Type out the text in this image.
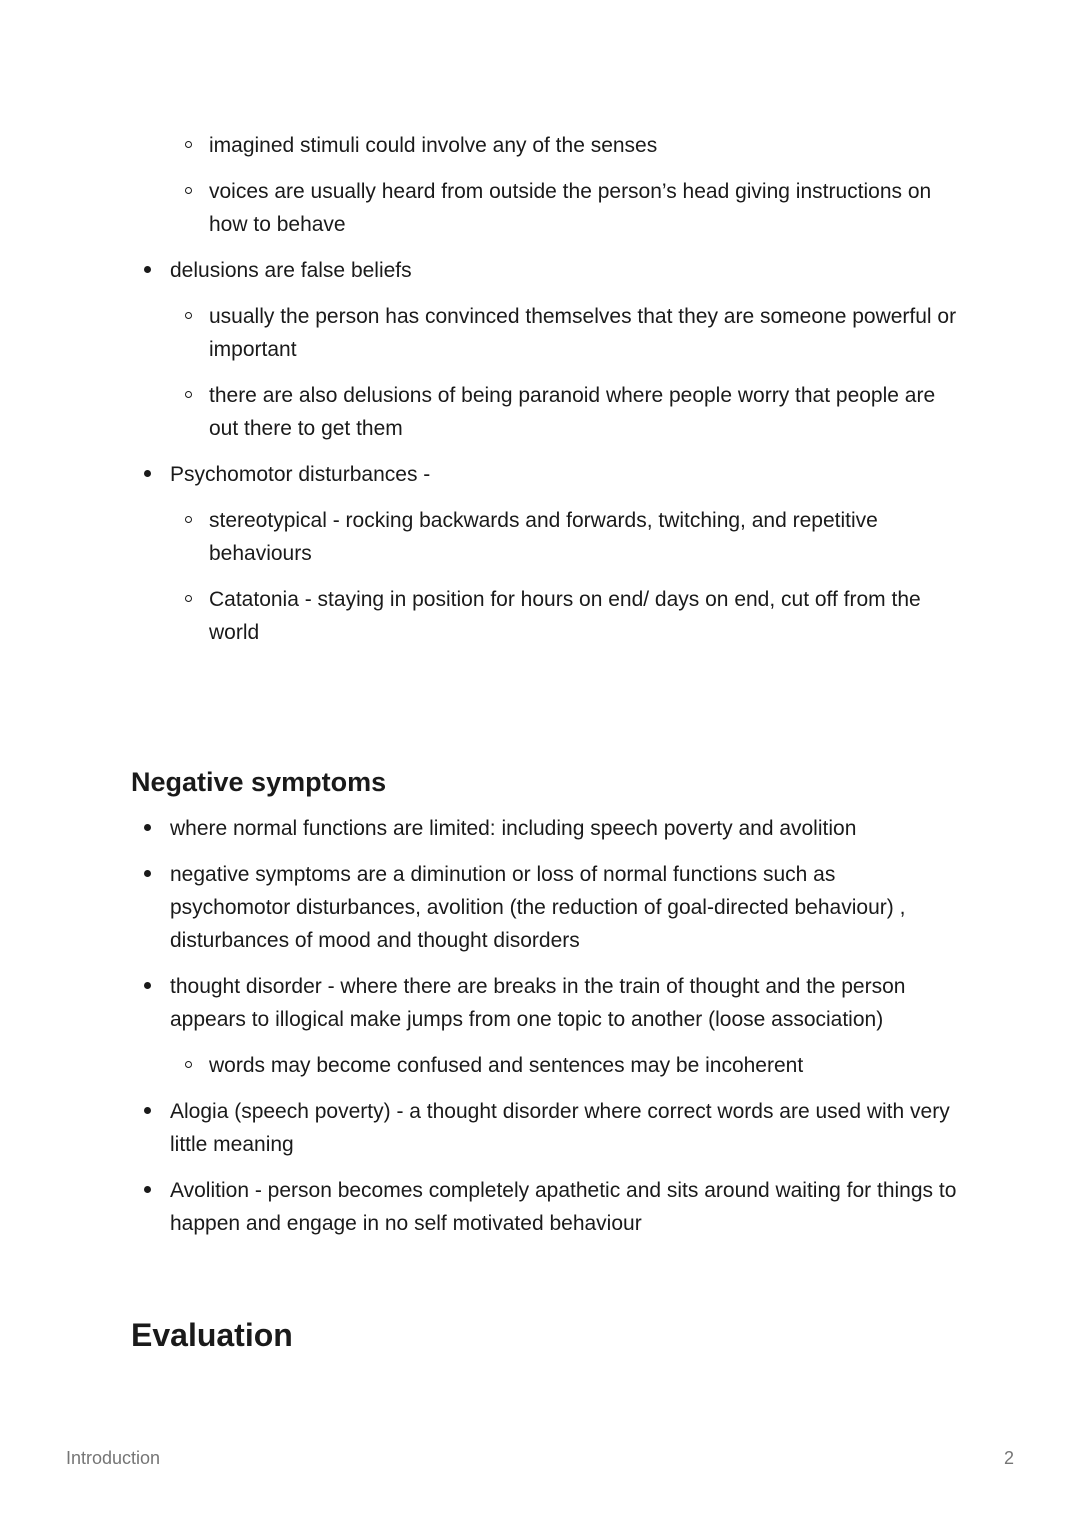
imagined stimuli could involve any of the senses
voices are usually heard from outside the person’s head giving instructions on how to behave
delusions are false beliefs
usually the person has convinced themselves that they are someone powerful or important
there are also delusions of being paranoid where people worry that people are out there to get them
Psychomotor disturbances -
stereotypical - rocking backwards and forwards, twitching, and repetitive behaviours
Catatonia - staying in position for hours on end/ days on end, cut off from the world
Negative symptoms
where normal functions are limited: including speech poverty and avolition
negative symptoms are a diminution or loss of normal functions such as psychomotor disturbances, avolition (the reduction of goal-directed behaviour) , disturbances of mood and thought disorders
thought disorder - where there are breaks in the train of thought and the person appears to illogical make jumps from one topic to another (loose association)
words may become confused and sentences may be incoherent
Alogia (speech poverty) - a thought disorder where correct words are used with very little meaning
Avolition - person becomes completely apathetic and sits around waiting for things to happen and engage in no self motivated behaviour
Evaluation
Introduction	2
